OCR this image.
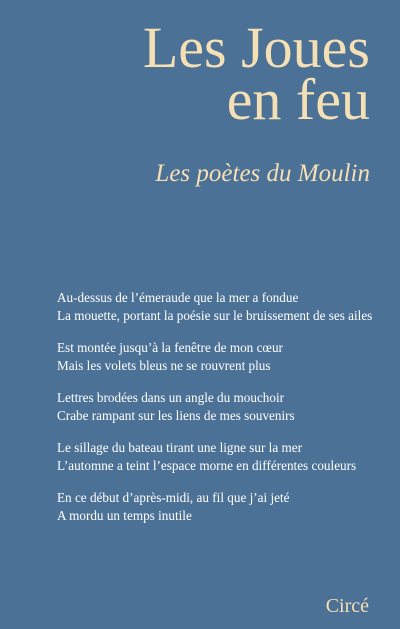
Les Joues
en feu
Les poètes du Moulin

Au-dessus de l’émeraude que la mer a fondue
La mouette, portant la poésie sur le bruissement de ses ailes

Est montée jusqu’à la fenêtre de mon cœur
Mais les volets bleus ne se rouvrent plus

Lettres brodées dans un angle du mouchoir
Crabe rampant sur les liens de mes souvenirs

Le sillage du bateau tirant une ligne sur la mer
L’automne a teint l’espace morne en différentes couleurs

En ce début d’après-midi, au fil que j’ai jeté
A mordu un temps inutile

Circé
